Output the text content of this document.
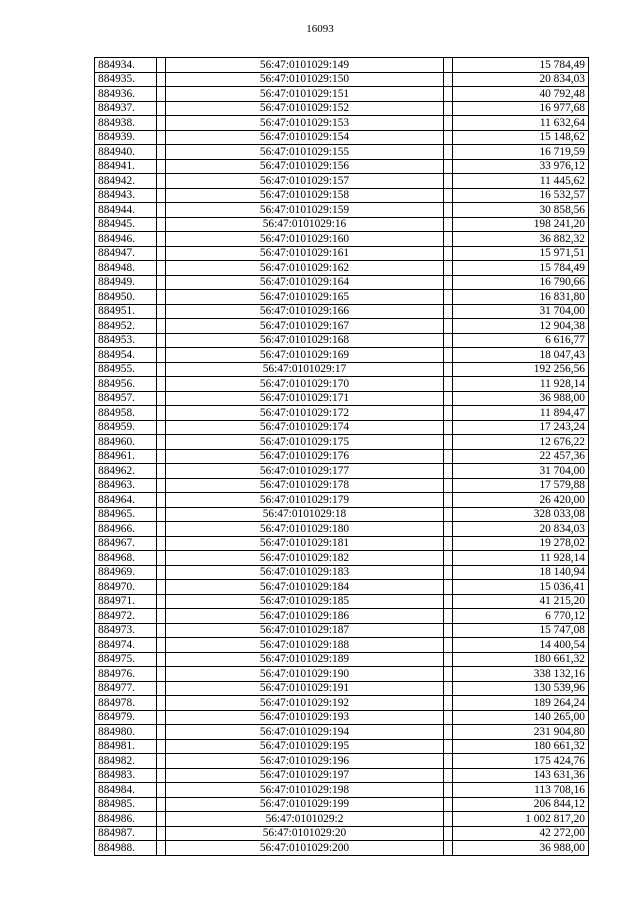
16093
884934.		56:47:0101029:149		15 784,49
884935.		56:47:0101029:150		20 834,03
884936.		56:47:0101029:151		40 792,48
884937.		56:47:0101029:152		16 977,68
884938.		56:47:0101029:153		11 632,64
884939.		56:47:0101029:154		15 148,62
884940.		56:47:0101029:155		16 719,59
884941.		56:47:0101029:156		33 976,12
884942.		56:47:0101029:157		11 445,62
884943.		56:47:0101029:158		16 532,57
884944.		56:47:0101029:159		30 858,56
884945.		56:47:0101029:16		198 241,20
884946.		56:47:0101029:160		36 882,32
884947.		56:47:0101029:161		15 971,51
884948.		56:47:0101029:162		15 784,49
884949.		56:47:0101029:164		16 790,66
884950.		56:47:0101029:165		16 831,80
884951.		56:47:0101029:166		31 704,00
884952.		56:47:0101029:167		12 904,38
884953.		56:47:0101029:168		6 616,77
884954.		56:47:0101029:169		18 047,43
884955.		56:47:0101029:17		192 256,56
884956.		56:47:0101029:170		11 928,14
884957.		56:47:0101029:171		36 988,00
884958.		56:47:0101029:172		11 894,47
884959.		56:47:0101029:174		17 243,24
884960.		56:47:0101029:175		12 676,22
884961.		56:47:0101029:176		22 457,36
884962.		56:47:0101029:177		31 704,00
884963.		56:47:0101029:178		17 579,88
884964.		56:47:0101029:179		26 420,00
884965.		56:47:0101029:18		328 033,08
884966.		56:47:0101029:180		20 834,03
884967.		56:47:0101029:181		19 278,02
884968.		56:47:0101029:182		11 928,14
884969.		56:47:0101029:183		18 140,94
884970.		56:47:0101029:184		15 036,41
884971.		56:47:0101029:185		41 215,20
884972.		56:47:0101029:186		6 770,12
884973.		56:47:0101029:187		15 747,08
884974.		56:47:0101029:188		14 400,54
884975.		56:47:0101029:189		180 661,32
884976.		56:47:0101029:190		338 132,16
884977.		56:47:0101029:191		130 539,96
884978.		56:47:0101029:192		189 264,24
884979.		56:47:0101029:193		140 265,00
884980.		56:47:0101029:194		231 904,80
884981.		56:47:0101029:195		180 661,32
884982.		56:47:0101029:196		175 424,76
884983.		56:47:0101029:197		143 631,36
884984.		56:47:0101029:198		113 708,16
884985.		56:47:0101029:199		206 844,12
884986.		56:47:0101029:2		1 002 817,20
884987.		56:47:0101029:20		42 272,00
884988.		56:47:0101029:200		36 988,00
